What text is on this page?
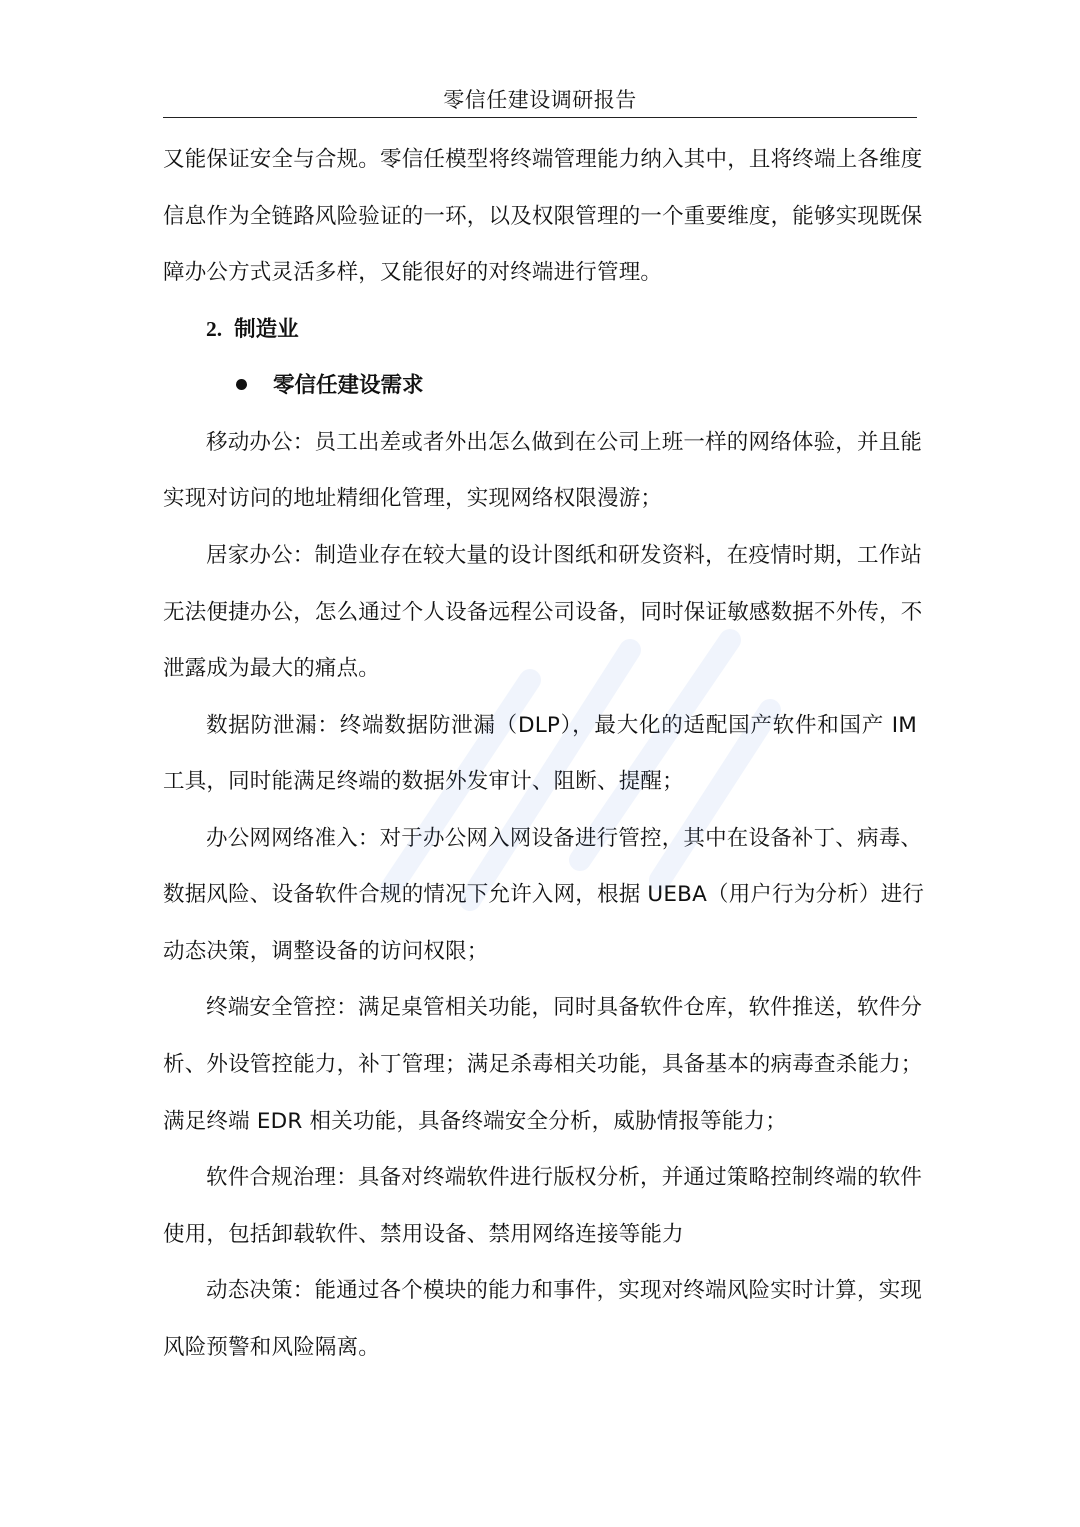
零信任建设调研报告
又能保证安全与合规。零信任模型将终端管理能力纳入其中，且将终端上各维度
信息作为全链路风险验证的一环，以及权限管理的一个重要维度，能够实现既保
障办公方式灵活多样，又能很好的对终端进行管理。
2. 制造业
零信任建设需求
移动办公：员工出差或者外出怎么做到在公司上班一样的网络体验，并且能
实现对访问的地址精细化管理，实现网络权限漫游；
居家办公：制造业存在较大量的设计图纸和研发资料，在疫情时期，工作站
无法便捷办公，怎么通过个人设备远程公司设备，同时保证敏感数据不外传，不
泄露成为最大的痛点。
数据防泄漏：终端数据防泄漏（DLP），最大化的适配国产软件和国产 IM
工具，同时能满足终端的数据外发审计、阻断、提醒；
办公网网络准入：对于办公网入网设备进行管控，其中在设备补丁、病毒、
数据风险、设备软件合规的情况下允许入网，根据 UEBA（用户行为分析）进行
动态决策，调整设备的访问权限；
终端安全管控：满足桌管相关功能，同时具备软件仓库，软件推送，软件分
析、外设管控能力，补丁管理；满足杀毒相关功能，具备基本的病毒查杀能力；
满足终端 EDR 相关功能，具备终端安全分析，威胁情报等能力；
软件合规治理：具备对终端软件进行版权分析，并通过策略控制终端的软件
使用，包括卸载软件、禁用设备、禁用网络连接等能力
动态决策：能通过各个模块的能力和事件，实现对终端风险实时计算，实现
风险预警和风险隔离。
